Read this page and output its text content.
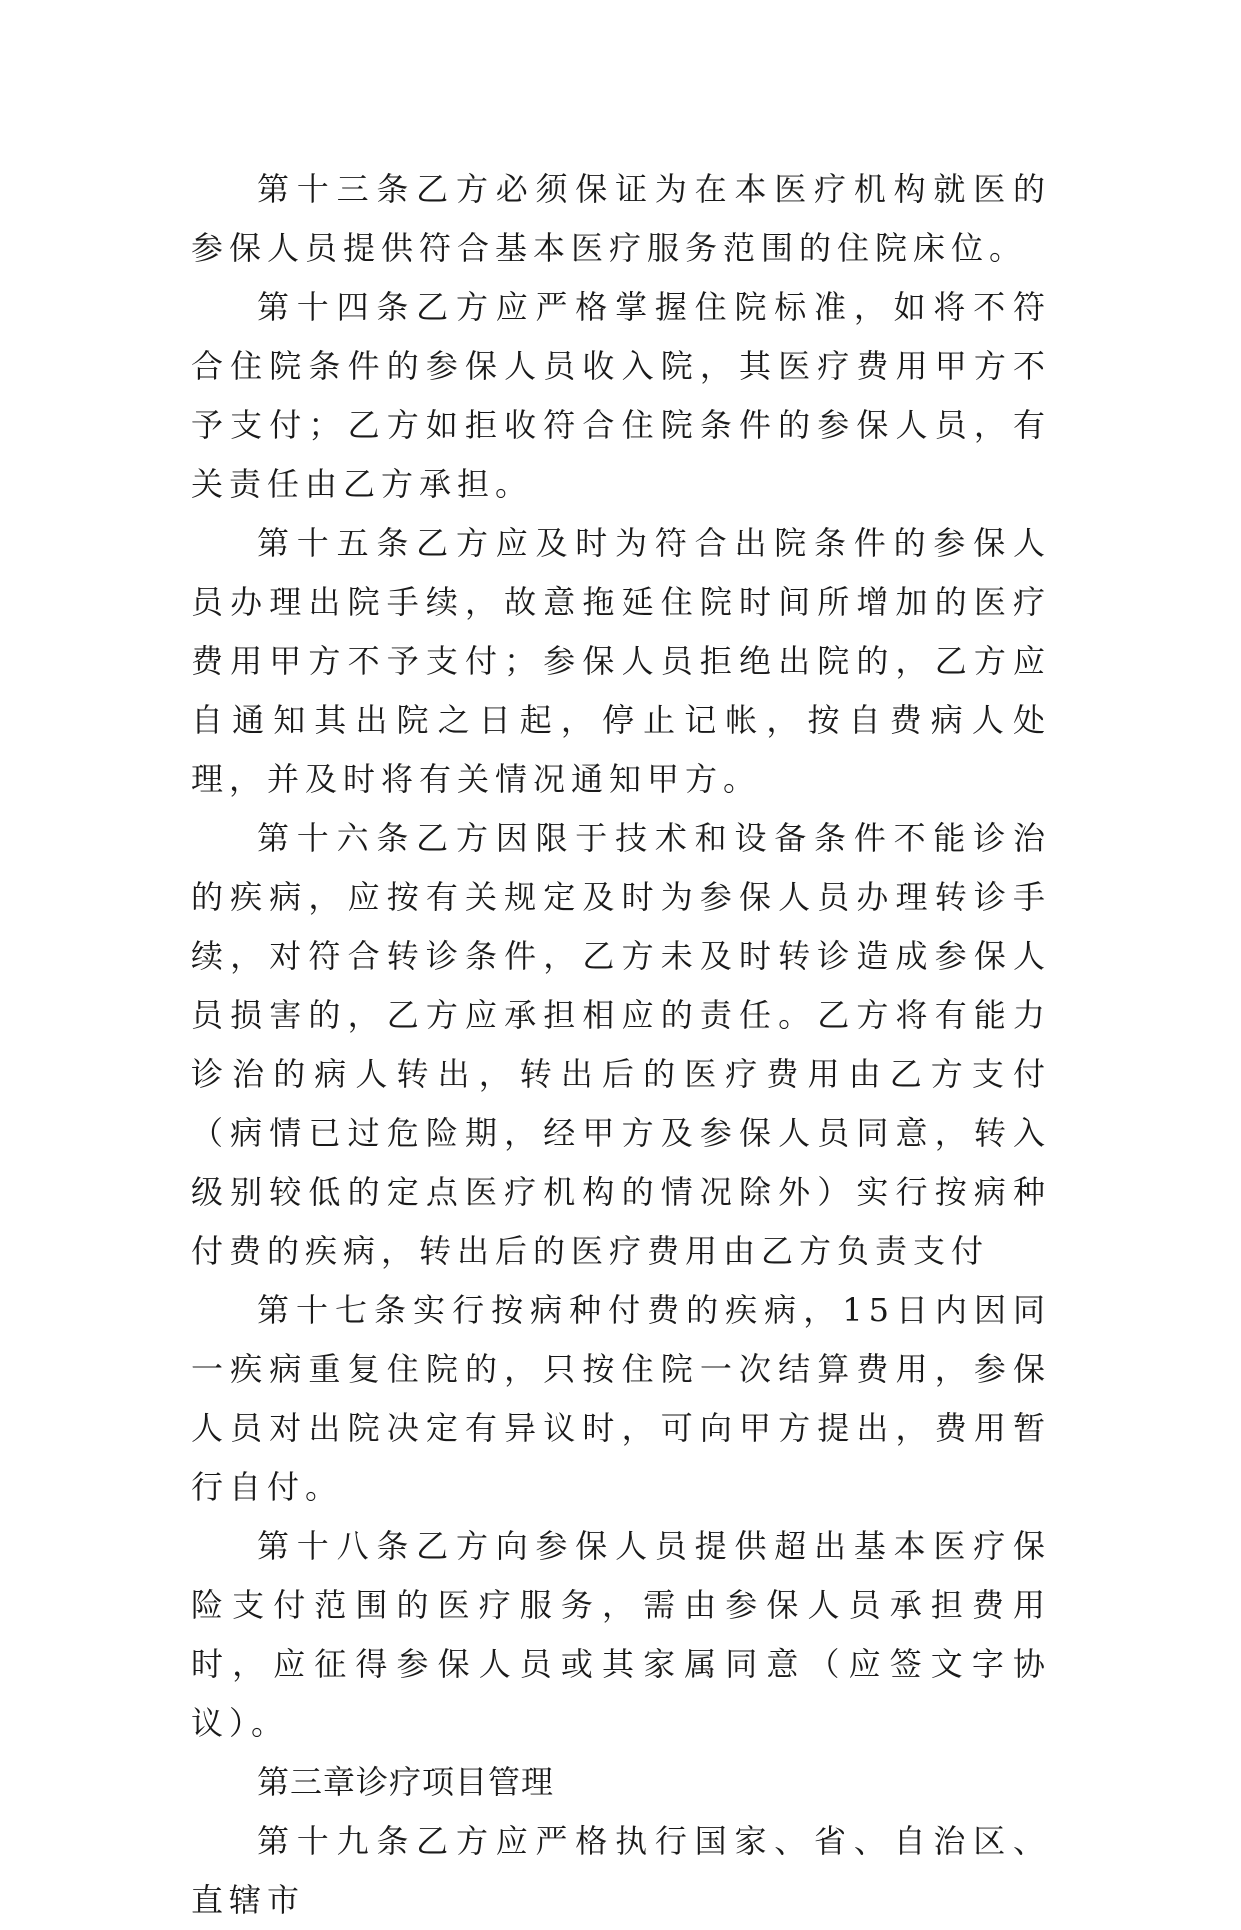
第十三条乙方必须保证为在本医疗机构就医的参保人员提供符合基本医疗服务范围的住院床位。

第十四条乙方应严格掌握住院标准，如将不符合住院条件的参保人员收入院，其医疗费用甲方不予支付；乙方如拒收符合住院条件的参保人员，有关责任由乙方承担。

第十五条乙方应及时为符合出院条件的参保人员办理出院手续，故意拖延住院时间所增加的医疗费用甲方不予支付；参保人员拒绝出院的，乙方应自通知其出院之日起，停止记帐，按自费病人处理，并及时将有关情况通知甲方。

第十六条乙方因限于技术和设备条件不能诊治的疾病，应按有关规定及时为参保人员办理转诊手续，对符合转诊条件，乙方未及时转诊造成参保人员损害的，乙方应承担相应的责任。乙方将有能力诊治的病人转出，转出后的医疗费用由乙方支付（病情已过危险期，经甲方及参保人员同意，转入级别较低的定点医疗机构的情况除外）实行按病种付费的疾病，转出后的医疗费用由乙方负责支付

第十七条实行按病种付费的疾病，15日内因同一疾病重复住院的，只按住院一次结算费用，参保人员对出院决定有异议时，可向甲方提出，费用暂行自付。

第十八条乙方向参保人员提供超出基本医疗保险支付范围的医疗服务，需由参保人员承担费用时，应征得参保人员或其家属同意（应签文字协议）。

第三章诊疗项目管理

第十九条乙方应严格执行国家、省、自治区、直辖市
